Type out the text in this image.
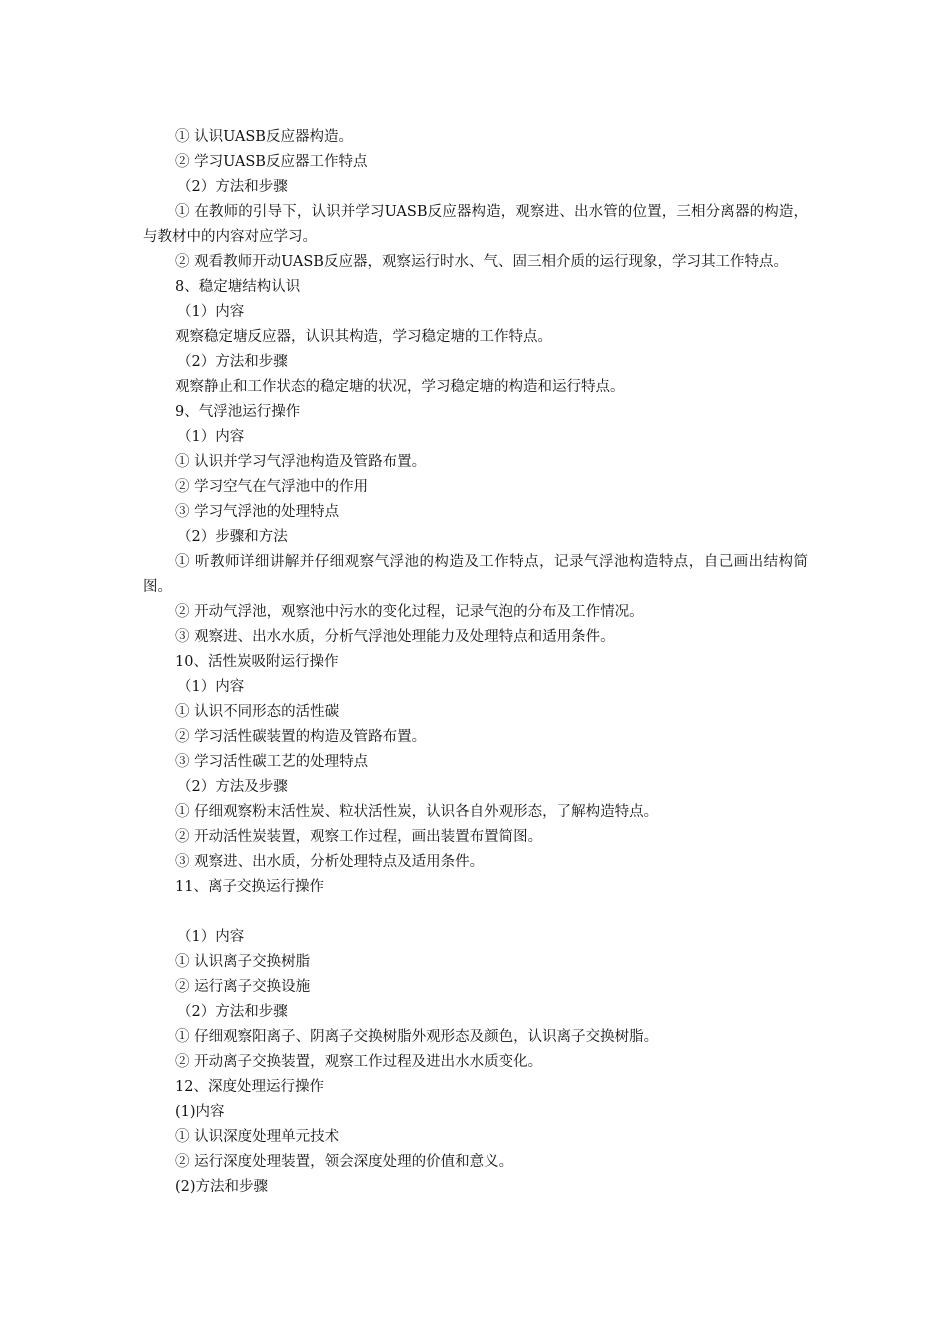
① 认识UASB反应器构造。

② 学习UASB反应器工作特点

（2）方法和步骤

① 在教师的引导下，认识并学习UASB反应器构造，观察进、出水管的位置，三相分离器的构造，与教材中的内容对应学习。

② 观看教师开动UASB反应器，观察运行时水、气、固三相介质的运行现象，学习其工作特点。

8、稳定塘结构认识

（1）内容

观察稳定塘反应器，认识其构造，学习稳定塘的工作特点。

（2）方法和步骤

观察静止和工作状态的稳定塘的状况，学习稳定塘的构造和运行特点。

9、气浮池运行操作

（1）内容

① 认识并学习气浮池构造及管路布置。

② 学习空气在气浮池中的作用

③ 学习气浮池的处理特点

（2）步骤和方法

① 听教师详细讲解并仔细观察气浮池的构造及工作特点，记录气浮池构造特点，自己画出结构简图。

② 开动气浮池，观察池中污水的变化过程，记录气泡的分布及工作情况。

③ 观察进、出水水质，分析气浮池处理能力及处理特点和适用条件。

10、活性炭吸附运行操作

（1）内容

① 认识不同形态的活性碳

② 学习活性碳装置的构造及管路布置。

③ 学习活性碳工艺的处理特点

（2）方法及步骤

① 仔细观察粉末活性炭、粒状活性炭，认识各自外观形态，了解构造特点。

② 开动活性炭装置，观察工作过程，画出装置布置简图。

③ 观察进、出水质，分析处理特点及适用条件。

11、离子交换运行操作

（1）内容

① 认识离子交换树脂

② 运行离子交换设施

（2）方法和步骤

① 仔细观察阳离子、阴离子交换树脂外观形态及颜色，认识离子交换树脂。

② 开动离子交换装置，观察工作过程及进出水水质变化。

12、深度处理运行操作

(1)内容

① 认识深度处理单元技术

② 运行深度处理装置，领会深度处理的价值和意义。

(2)方法和步骤
